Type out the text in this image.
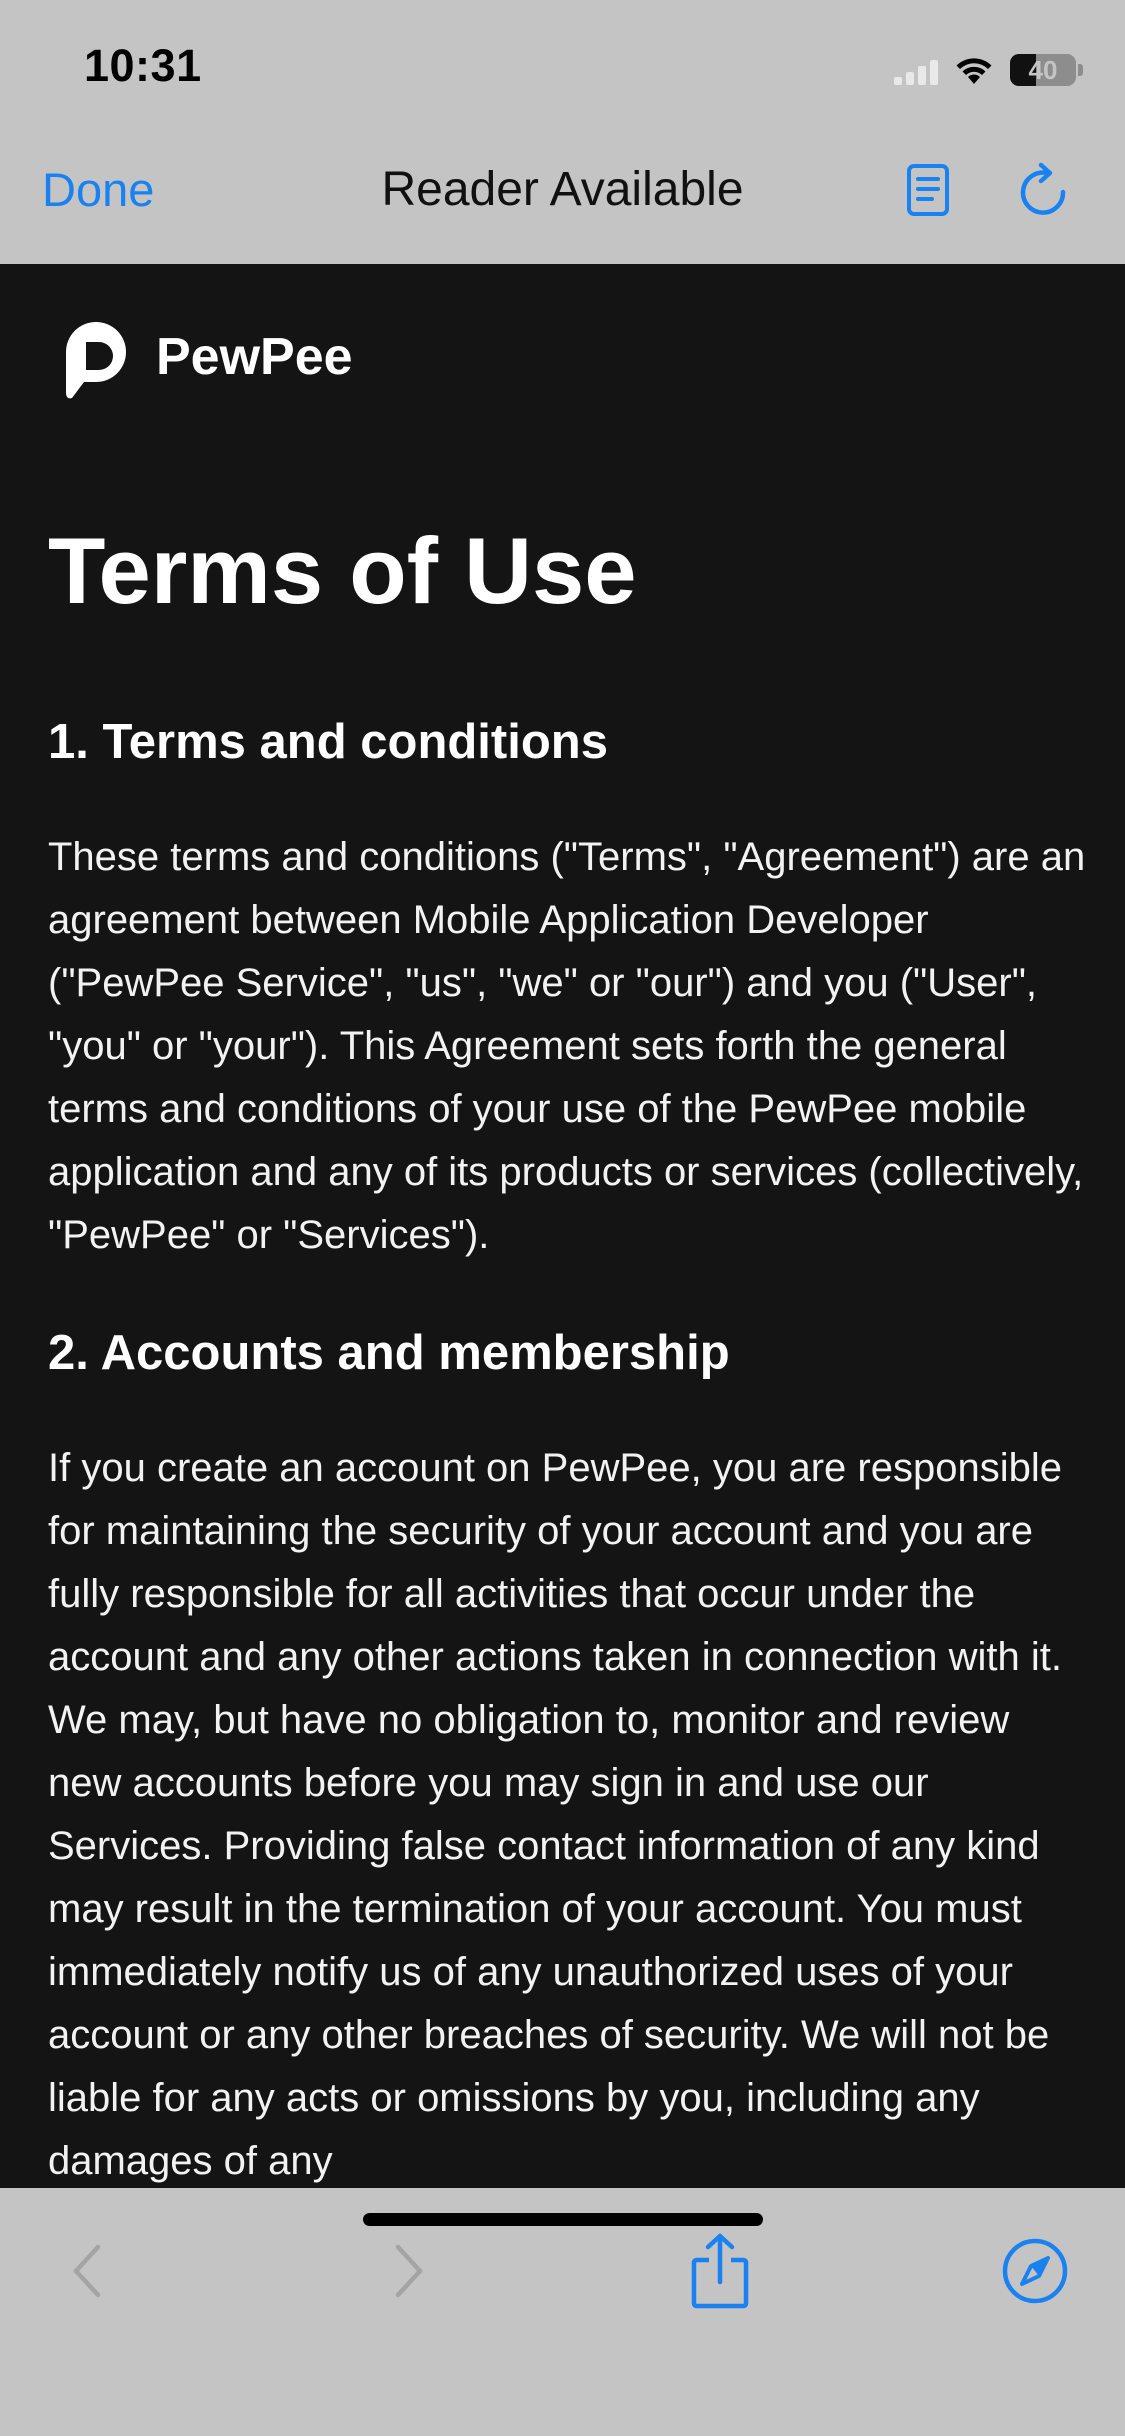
10:31	40
Done	Reader Available
PewPee
Terms of Use
1. Terms and conditions

These terms and conditions ("Terms", "Agreement") are an agreement between Mobile Application Developer ("PewPee Service", "us", "we" or "our") and you ("User", "you" or "your"). This Agreement sets forth the general terms and conditions of your use of the PewPee mobile application and any of its products or services (collectively, "PewPee" or "Services").

2. Accounts and membership

If you create an account on PewPee, you are responsible for maintaining the security of your account and you are fully responsible for all activities that occur under the account and any other actions taken in connection with it. We may, but have no obligation to, monitor and review new accounts before you may sign in and use our Services. Providing false contact information of any kind may result in the termination of your account. You must immediately notify us of any unauthorized uses of your account or any other breaches of security. We will not be liable for any acts or omissions by you, including any damages of any
